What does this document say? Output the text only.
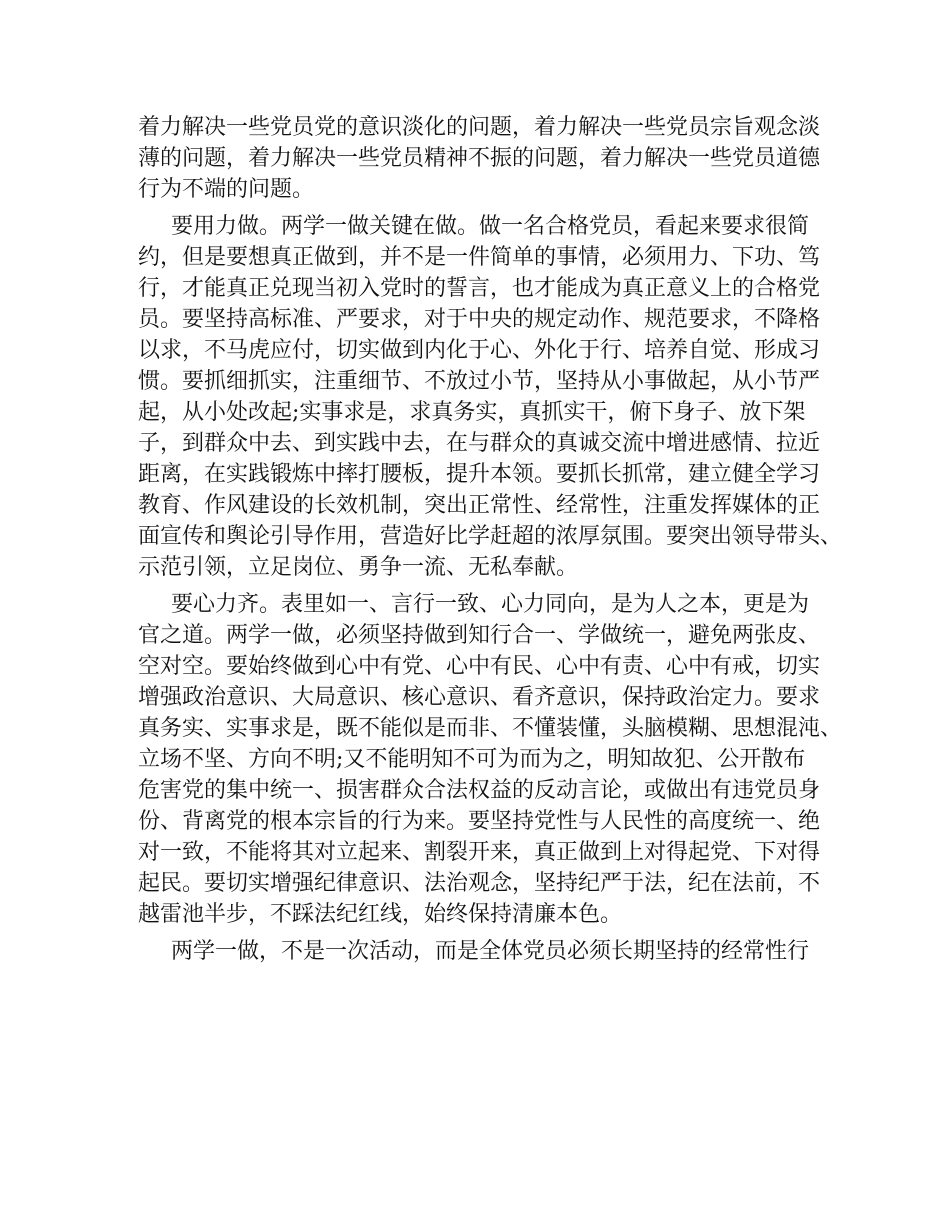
着力解决一些党员党的意识淡化的问题，着力解决一些党员宗旨观念淡
薄的问题，着力解决一些党员精神不振的问题，着力解决一些党员道德
行为不端的问题。
要用力做。两学一做关键在做。做一名合格党员，看起来要求很简
约，但是要想真正做到，并不是一件简单的事情，必须用力、下功、笃
行，才能真正兑现当初入党时的誓言，也才能成为真正意义上的合格党
员。要坚持高标准、严要求，对于中央的规定动作、规范要求，不降格
以求，不马虎应付，切实做到内化于心、外化于行、培养自觉、形成习
惯。要抓细抓实，注重细节、不放过小节，坚持从小事做起，从小节严
起，从小处改起;实事求是，求真务实，真抓实干，俯下身子、放下架
子，到群众中去、到实践中去，在与群众的真诚交流中增进感情、拉近
距离，在实践锻炼中摔打腰板，提升本领。要抓长抓常，建立健全学习
教育、作风建设的长效机制，突出正常性、经常性，注重发挥媒体的正
面宣传和舆论引导作用，营造好比学赶超的浓厚氛围。要突出领导带头、
示范引领，立足岗位、勇争一流、无私奉献。
要心力齐。表里如一、言行一致、心力同向，是为人之本，更是为
官之道。两学一做，必须坚持做到知行合一、学做统一，避免两张皮、
空对空。要始终做到心中有党、心中有民、心中有责、心中有戒，切实
增强政治意识、大局意识、核心意识、看齐意识，保持政治定力。要求
真务实、实事求是，既不能似是而非、不懂装懂，头脑模糊、思想混沌、
立场不坚、方向不明;又不能明知不可为而为之，明知故犯、公开散布
危害党的集中统一、损害群众合法权益的反动言论，或做出有违党员身
份、背离党的根本宗旨的行为来。要坚持党性与人民性的高度统一、绝
对一致，不能将其对立起来、割裂开来，真正做到上对得起党、下对得
起民。要切实增强纪律意识、法治观念，坚持纪严于法，纪在法前，不
越雷池半步，不踩法纪红线，始终保持清廉本色。
两学一做，不是一次活动，而是全体党员必须长期坚持的经常性行
